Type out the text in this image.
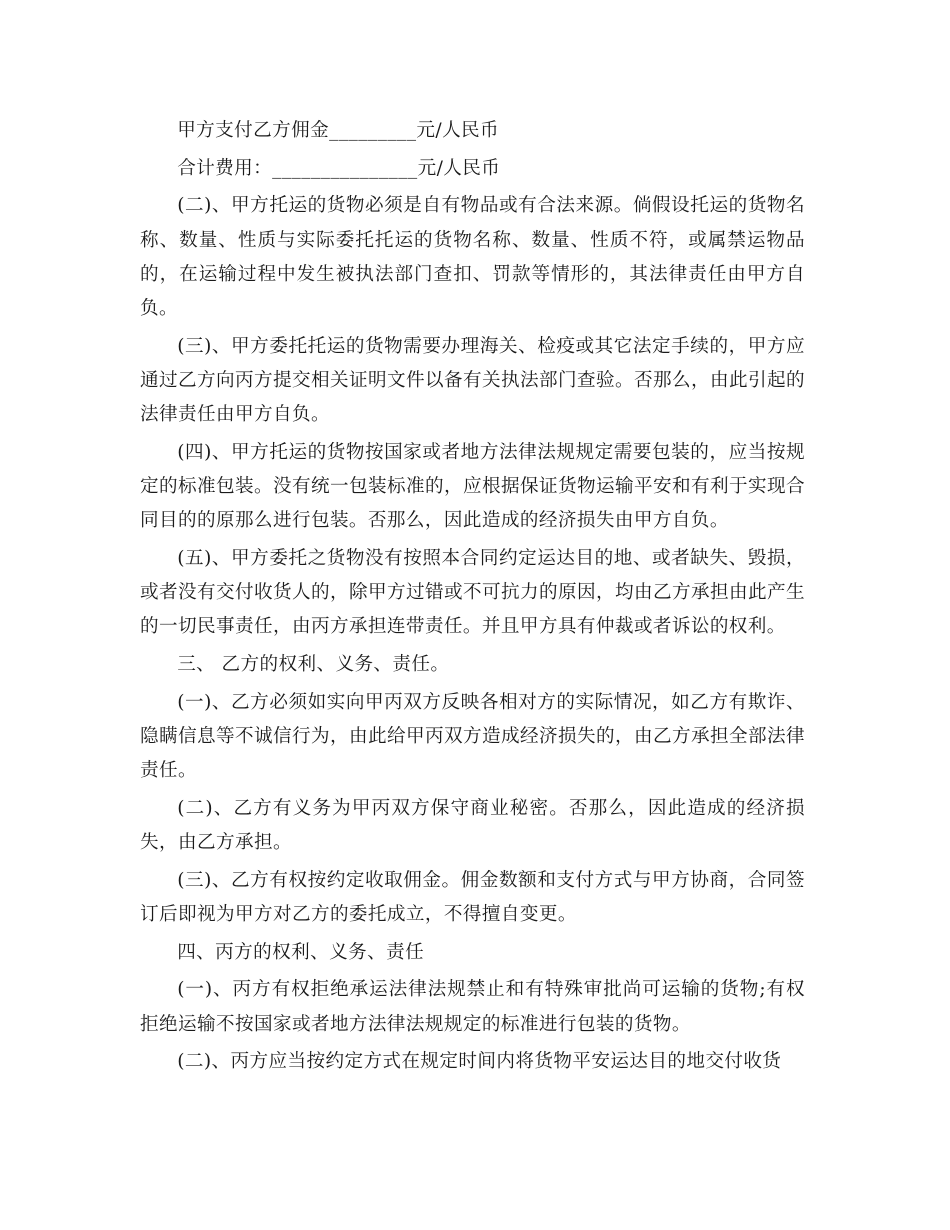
甲方支付乙方佣金_________元/人民币

合计费用：_______________元/人民币

(二)、甲方托运的货物必须是自有物品或有合法来源。倘假设托运的货物名称、数量、性质与实际委托托运的货物名称、数量、性质不符，或属禁运物品的，在运输过程中发生被执法部门查扣、罚款等情形的，其法律责任由甲方自负。

(三)、甲方委托托运的货物需要办理海关、检疫或其它法定手续的，甲方应通过乙方向丙方提交相关证明文件以备有关执法部门查验。否那么，由此引起的法律责任由甲方自负。

(四)、甲方托运的货物按国家或者地方法律法规规定需要包装的，应当按规定的标准包装。没有统一包装标准的，应根据保证货物运输平安和有利于实现合同目的的原那么进行包装。否那么，因此造成的经济损失由甲方自负。

(五)、甲方委托之货物没有按照本合同约定运达目的地、或者缺失、毁损，或者没有交付收货人的，除甲方过错或不可抗力的原因，均由乙方承担由此产生的一切民事责任，由丙方承担连带责任。并且甲方具有仲裁或者诉讼的权利。

三、 乙方的权利、义务、责任。

(一)、乙方必须如实向甲丙双方反映各相对方的实际情况，如乙方有欺诈、隐瞒信息等不诚信行为，由此给甲丙双方造成经济损失的，由乙方承担全部法律责任。

(二)、乙方有义务为甲丙双方保守商业秘密。否那么，因此造成的经济损失，由乙方承担。

(三)、乙方有权按约定收取佣金。佣金数额和支付方式与甲方协商，合同签订后即视为甲方对乙方的委托成立，不得擅自变更。

四、丙方的权利、义务、责任

(一)、丙方有权拒绝承运法律法规禁止和有特殊审批尚可运输的货物;有权拒绝运输不按国家或者地方法律法规规定的标准进行包装的货物。

(二)、丙方应当按约定方式在规定时间内将货物平安运达目的地交付收货
